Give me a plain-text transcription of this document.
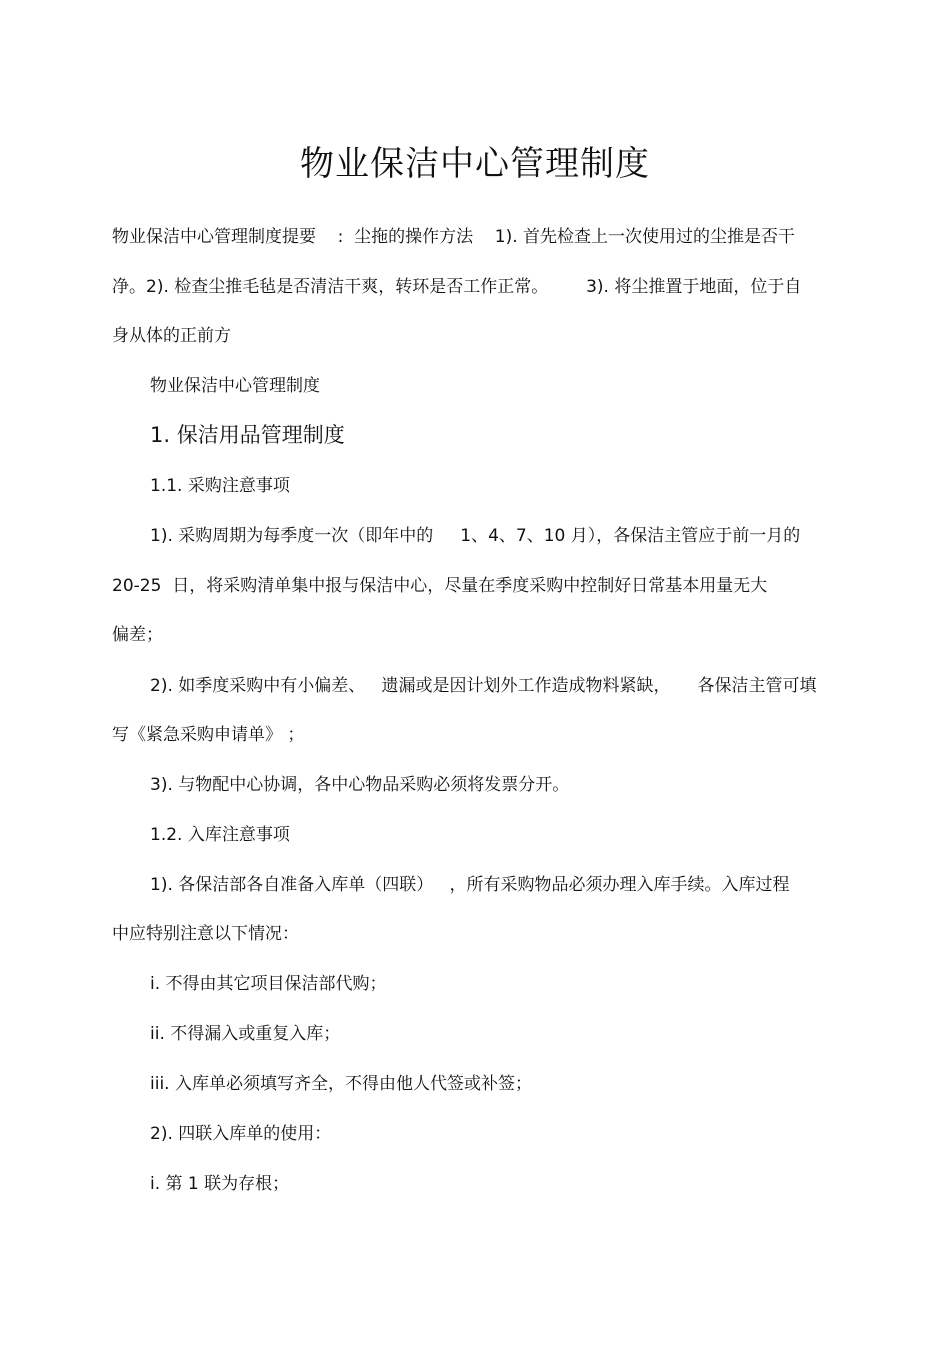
物业保洁中心管理制度

物业保洁中心管理制度提要    :  尘拖的操作方法    1). 首先检查上一次使用过的尘推是否干

净。2). 检查尘推毛毡是否清洁干爽，转环是否工作正常。       3). 将尘推置于地面，位于自

身从体的正前方

物业保洁中心管理制度

1. 保洁用品管理制度

1.1. 采购注意事项

1). 采购周期为每季度一次（即年中的     1、4、7、10 月），各保洁主管应于前一月的

20-25  日，将采购清单集中报与保洁中心，尽量在季度采购中控制好日常基本用量无大

偏差；

2). 如季度采购中有小偏差、   遗漏或是因计划外工作造成物料紧缺，     各保洁主管可填

写《紧急采购申请单》 ；

3). 与物配中心协调，各中心物品采购必须将发票分开。

1.2. 入库注意事项

1). 各保洁部各自准备入库单（四联）   ，所有采购物品必须办理入库手续。入库过程

中应特别注意以下情况：

i. 不得由其它项目保洁部代购；

ii. 不得漏入或重复入库；

iii. 入库单必须填写齐全，不得由他人代签或补签；

2). 四联入库单的使用：

i. 第 1 联为存根；
